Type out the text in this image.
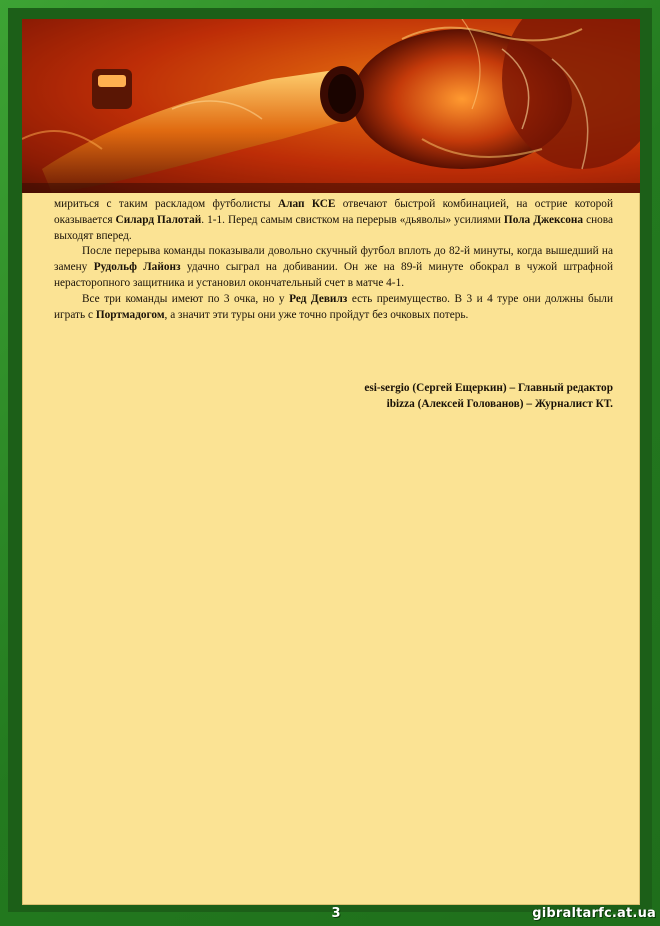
мириться с таким раскладом футболисты Алап КСЕ отвечают быстрой комбинацией, на острие которой оказывается Силард Палотай. 1-1. Перед самым свистком на перерыв «дьяволы» усилиями Пола Джексона снова выходят вперед.

После перерыва команды показывали довольно скучный футбол вплоть до 82-й минуты, когда вышедший на замену Рудольф Лайонз удачно сыграл на добивании. Он же на 89-й минуте обокрал в чужой штрафной нерасторопного защитника и установил окончательный счет в матче 4-1.

Все три команды имеют по 3 очка, но у Ред Девилз есть преимущество. В 3 и 4 туре они должны были играть с Портмадогом, а значит эти туры они уже точно пройдут без очковых потерь.

esi-sergio (Сергей Ещеркин) – Главный редактор
ibizza (Алексей Голованов) – Журналист КТ.
3	gibraltarfc.at.ua
